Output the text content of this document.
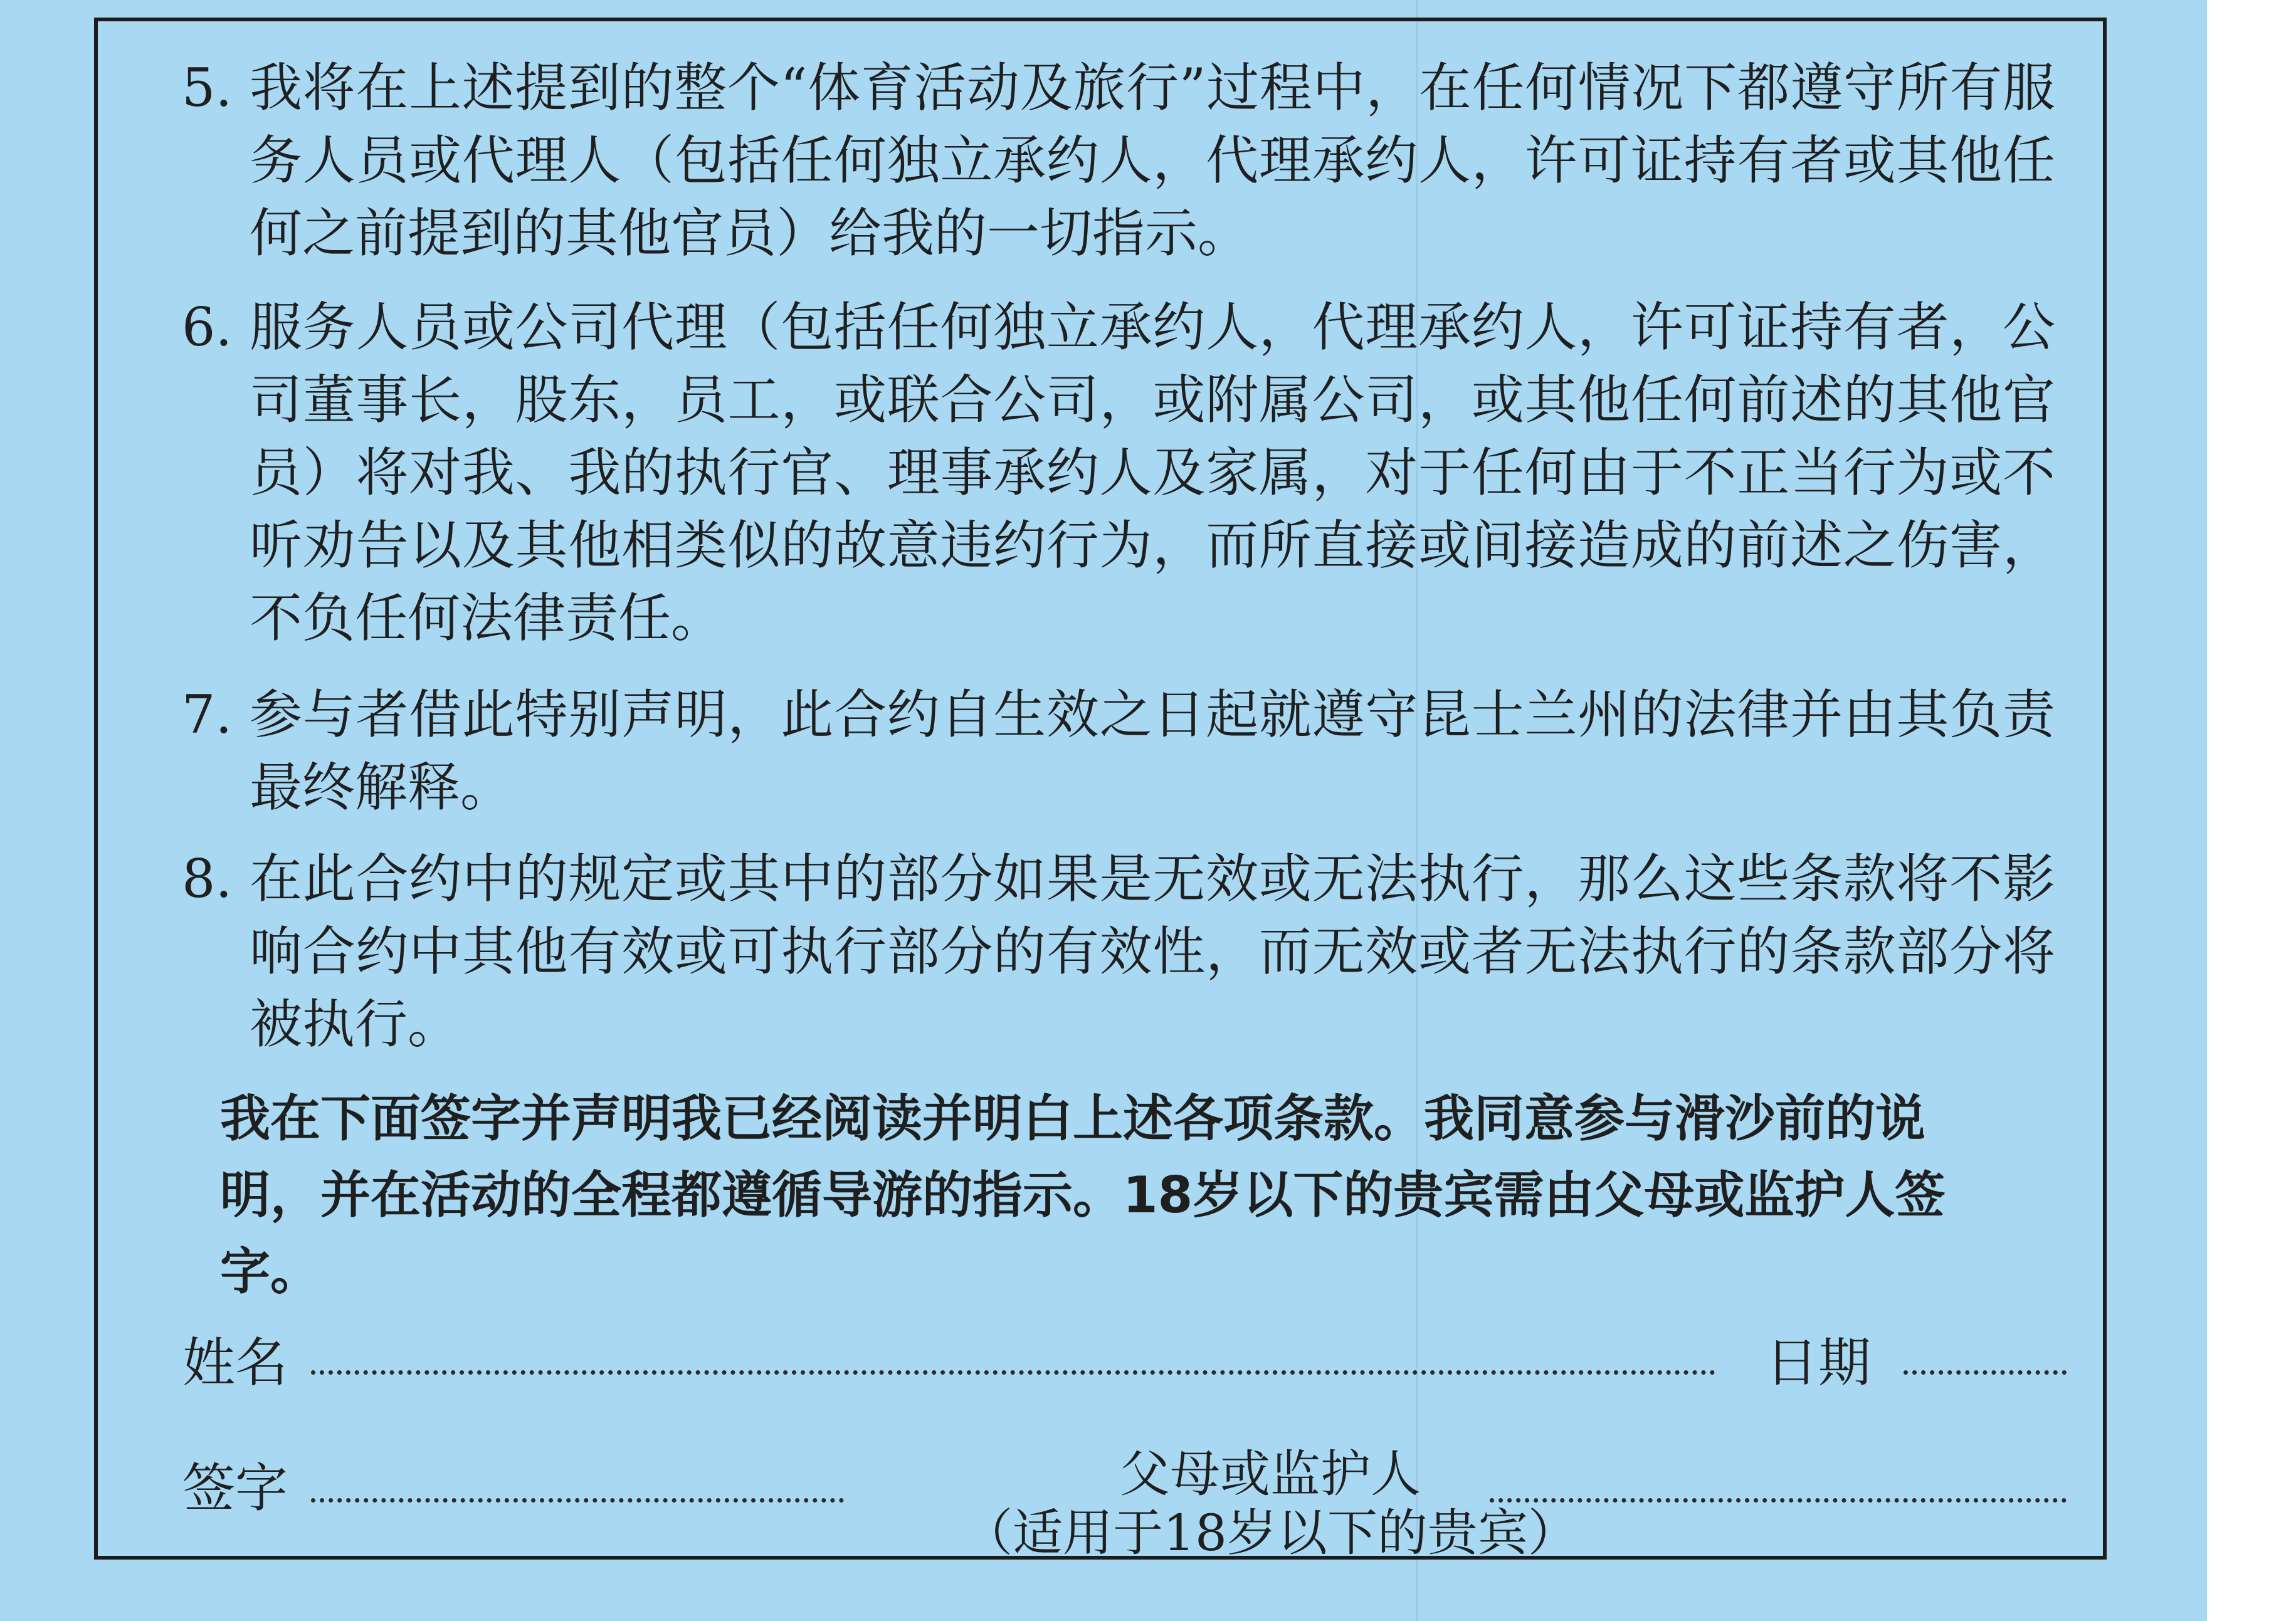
5. 我将在上述提到的整个“体育活动及旅行”过程中，在任何情况下都遵守所有服务人员或代理人（包括任何独立承约人，代理承约人，许可证持有者或其他任何之前提到的其他官员）给我的一切指示。
6. 服务人员或公司代理（包括任何独立承约人，代理承约人，许可证持有者，公司董事长，股东，员工，或联合公司，或附属公司，或其他任何前述的其他官员）将对我、我的执行官、理事承约人及家属，对于任何由于不正当行为或不听劝告以及其他相类似的故意违约行为，而所直接或间接造成的前述之伤害，不负任何法律责任。
7. 参与者借此特别声明，此合约自生效之日起就遵守昆士兰州的法律并由其负责最终解释。
8. 在此合约中的规定或其中的部分如果是无效或无法执行，那么这些条款将不影响合约中其他有效或可执行部分的有效性，而无效或者无法执行的条款部分将被执行。
我在下面签字并声明我已经阅读并明白上述各项条款。我同意参与滑沙前的说明，并在活动的全程都遵循导游的指示。18岁以下的贵宾需由父母或监护人签字。
姓名	日期
签字	父母或监护人
（适用于18岁以下的贵宾）
